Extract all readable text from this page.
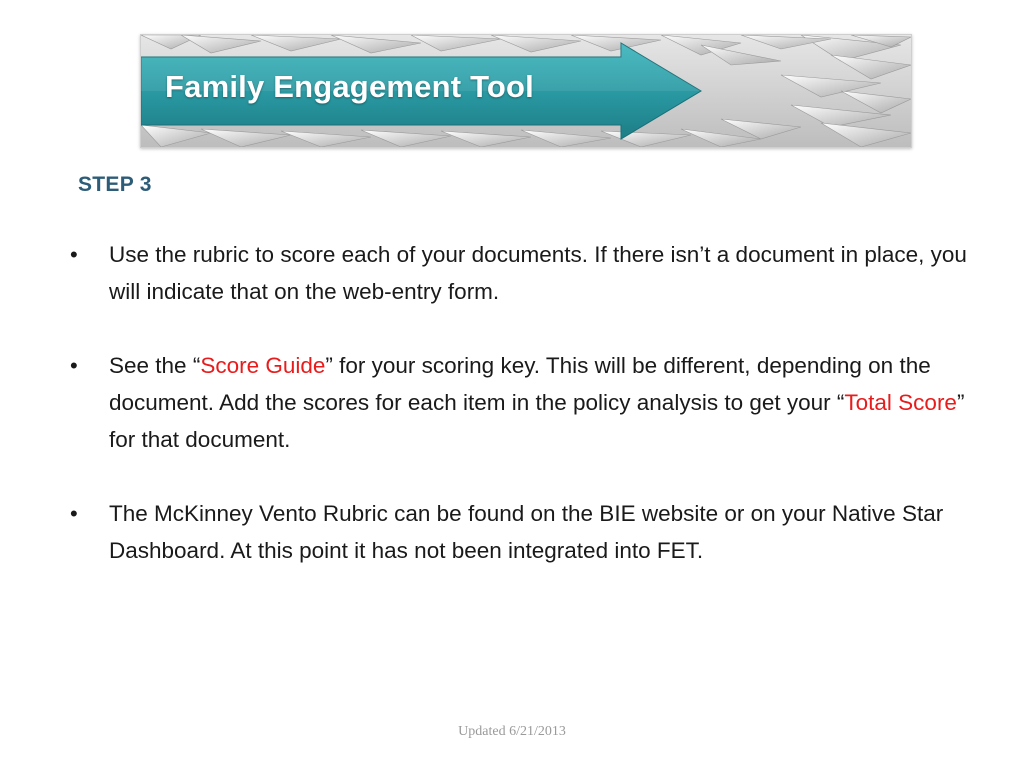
Family Engagement Tool
STEP 3
•	Use the rubric to score each of your documents. If there isn’t a document in place, you will indicate that on the web-entry form.
•	See the “Score Guide” for your scoring key. This will be different, depending on the document. Add the scores for each item in the policy analysis to get your “Total Score” for that document.
•	The McKinney Vento Rubric can be found on the BIE website or on your Native Star Dashboard. At this point it has not been integrated into FET.
Updated 6/21/2013
